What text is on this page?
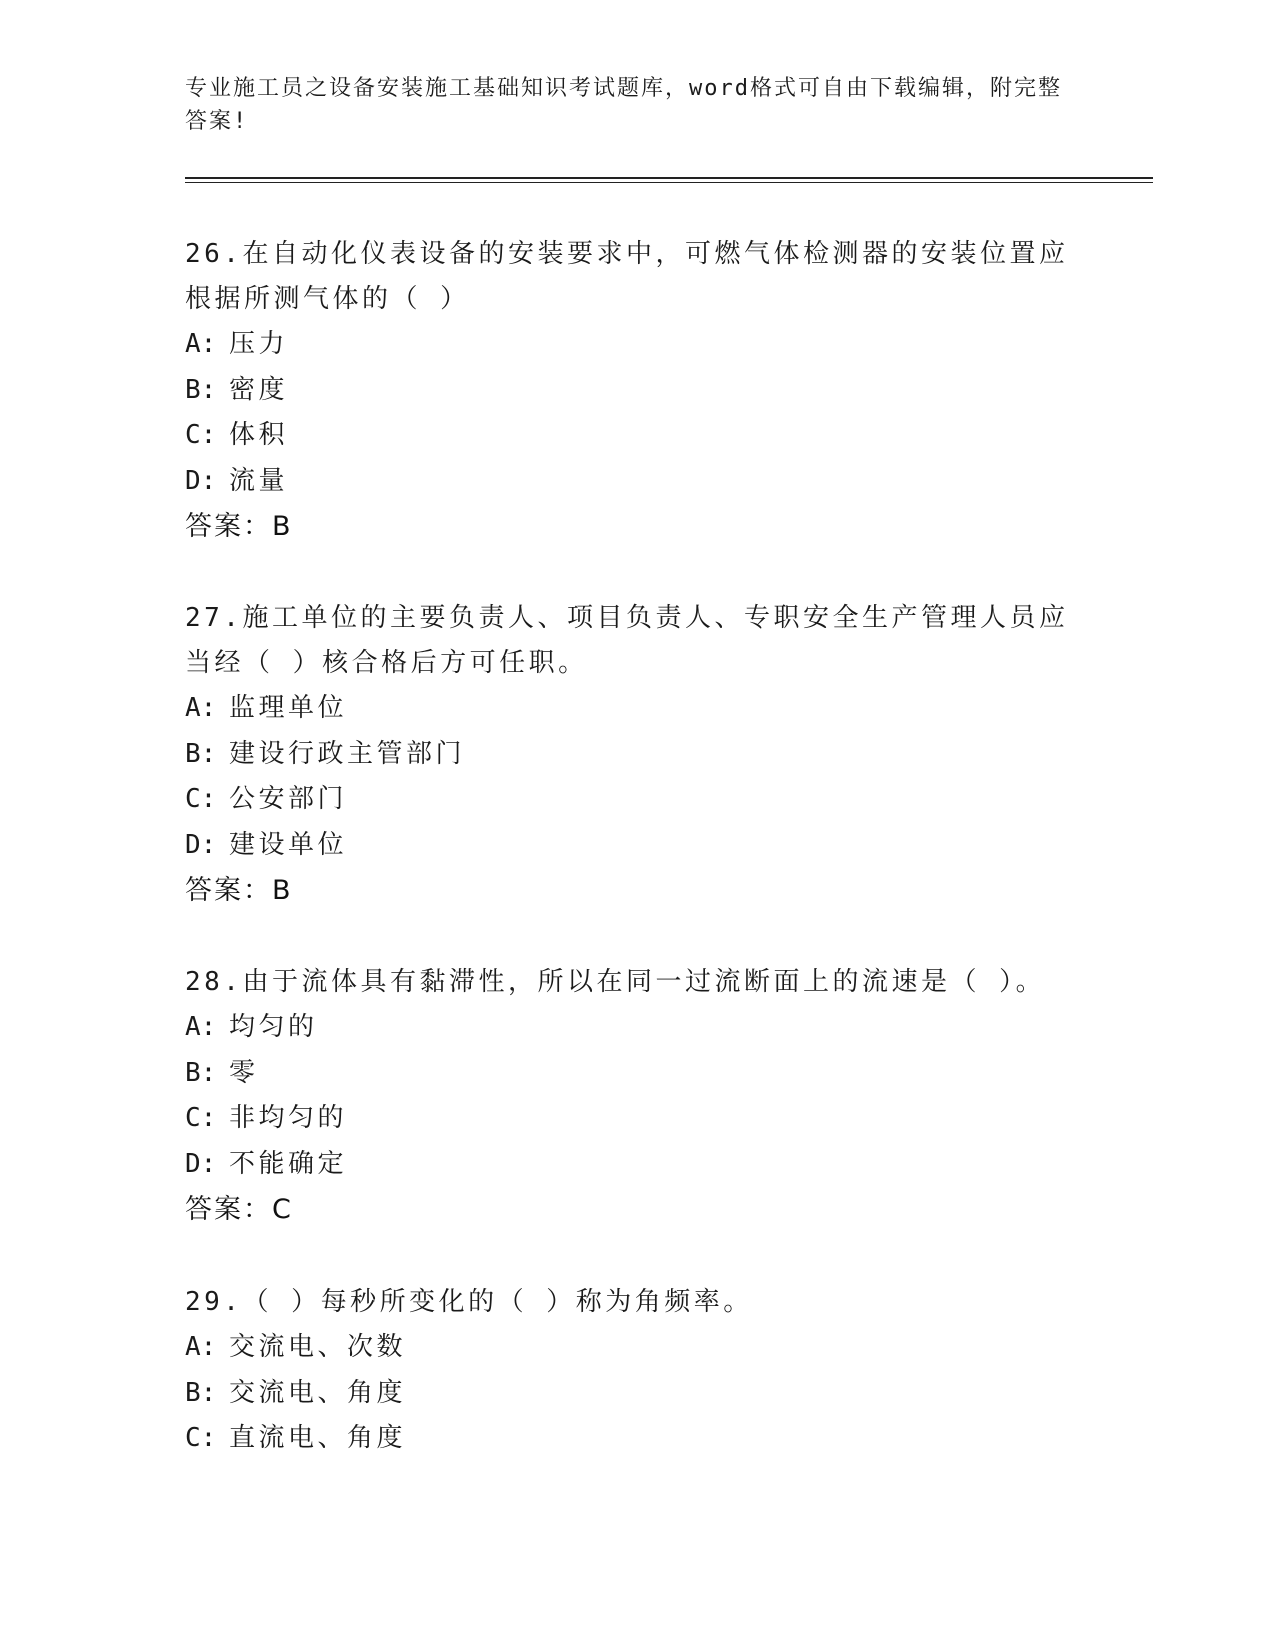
专业施工员之设备安装施工基础知识考试题库，word格式可自由下载编辑，附完整答案!
26.在自动化仪表设备的安装要求中，可燃气体检测器的安装位置应根据所测气体的（ ）
A: 压力
B: 密度
C: 体积
D: 流量
答案：B
27.施工单位的主要负责人、项目负责人、专职安全生产管理人员应当经（ ）核合格后方可任职。
A: 监理单位
B: 建设行政主管部门
C: 公安部门
D: 建设单位
答案：B
28.由于流体具有黏滞性，所以在同一过流断面上的流速是（ ）。
A: 均匀的
B: 零
C: 非均匀的
D: 不能确定
答案：C
29.（ ）每秒所变化的（ ）称为角频率。
A: 交流电、次数
B: 交流电、角度
C: 直流电、角度
